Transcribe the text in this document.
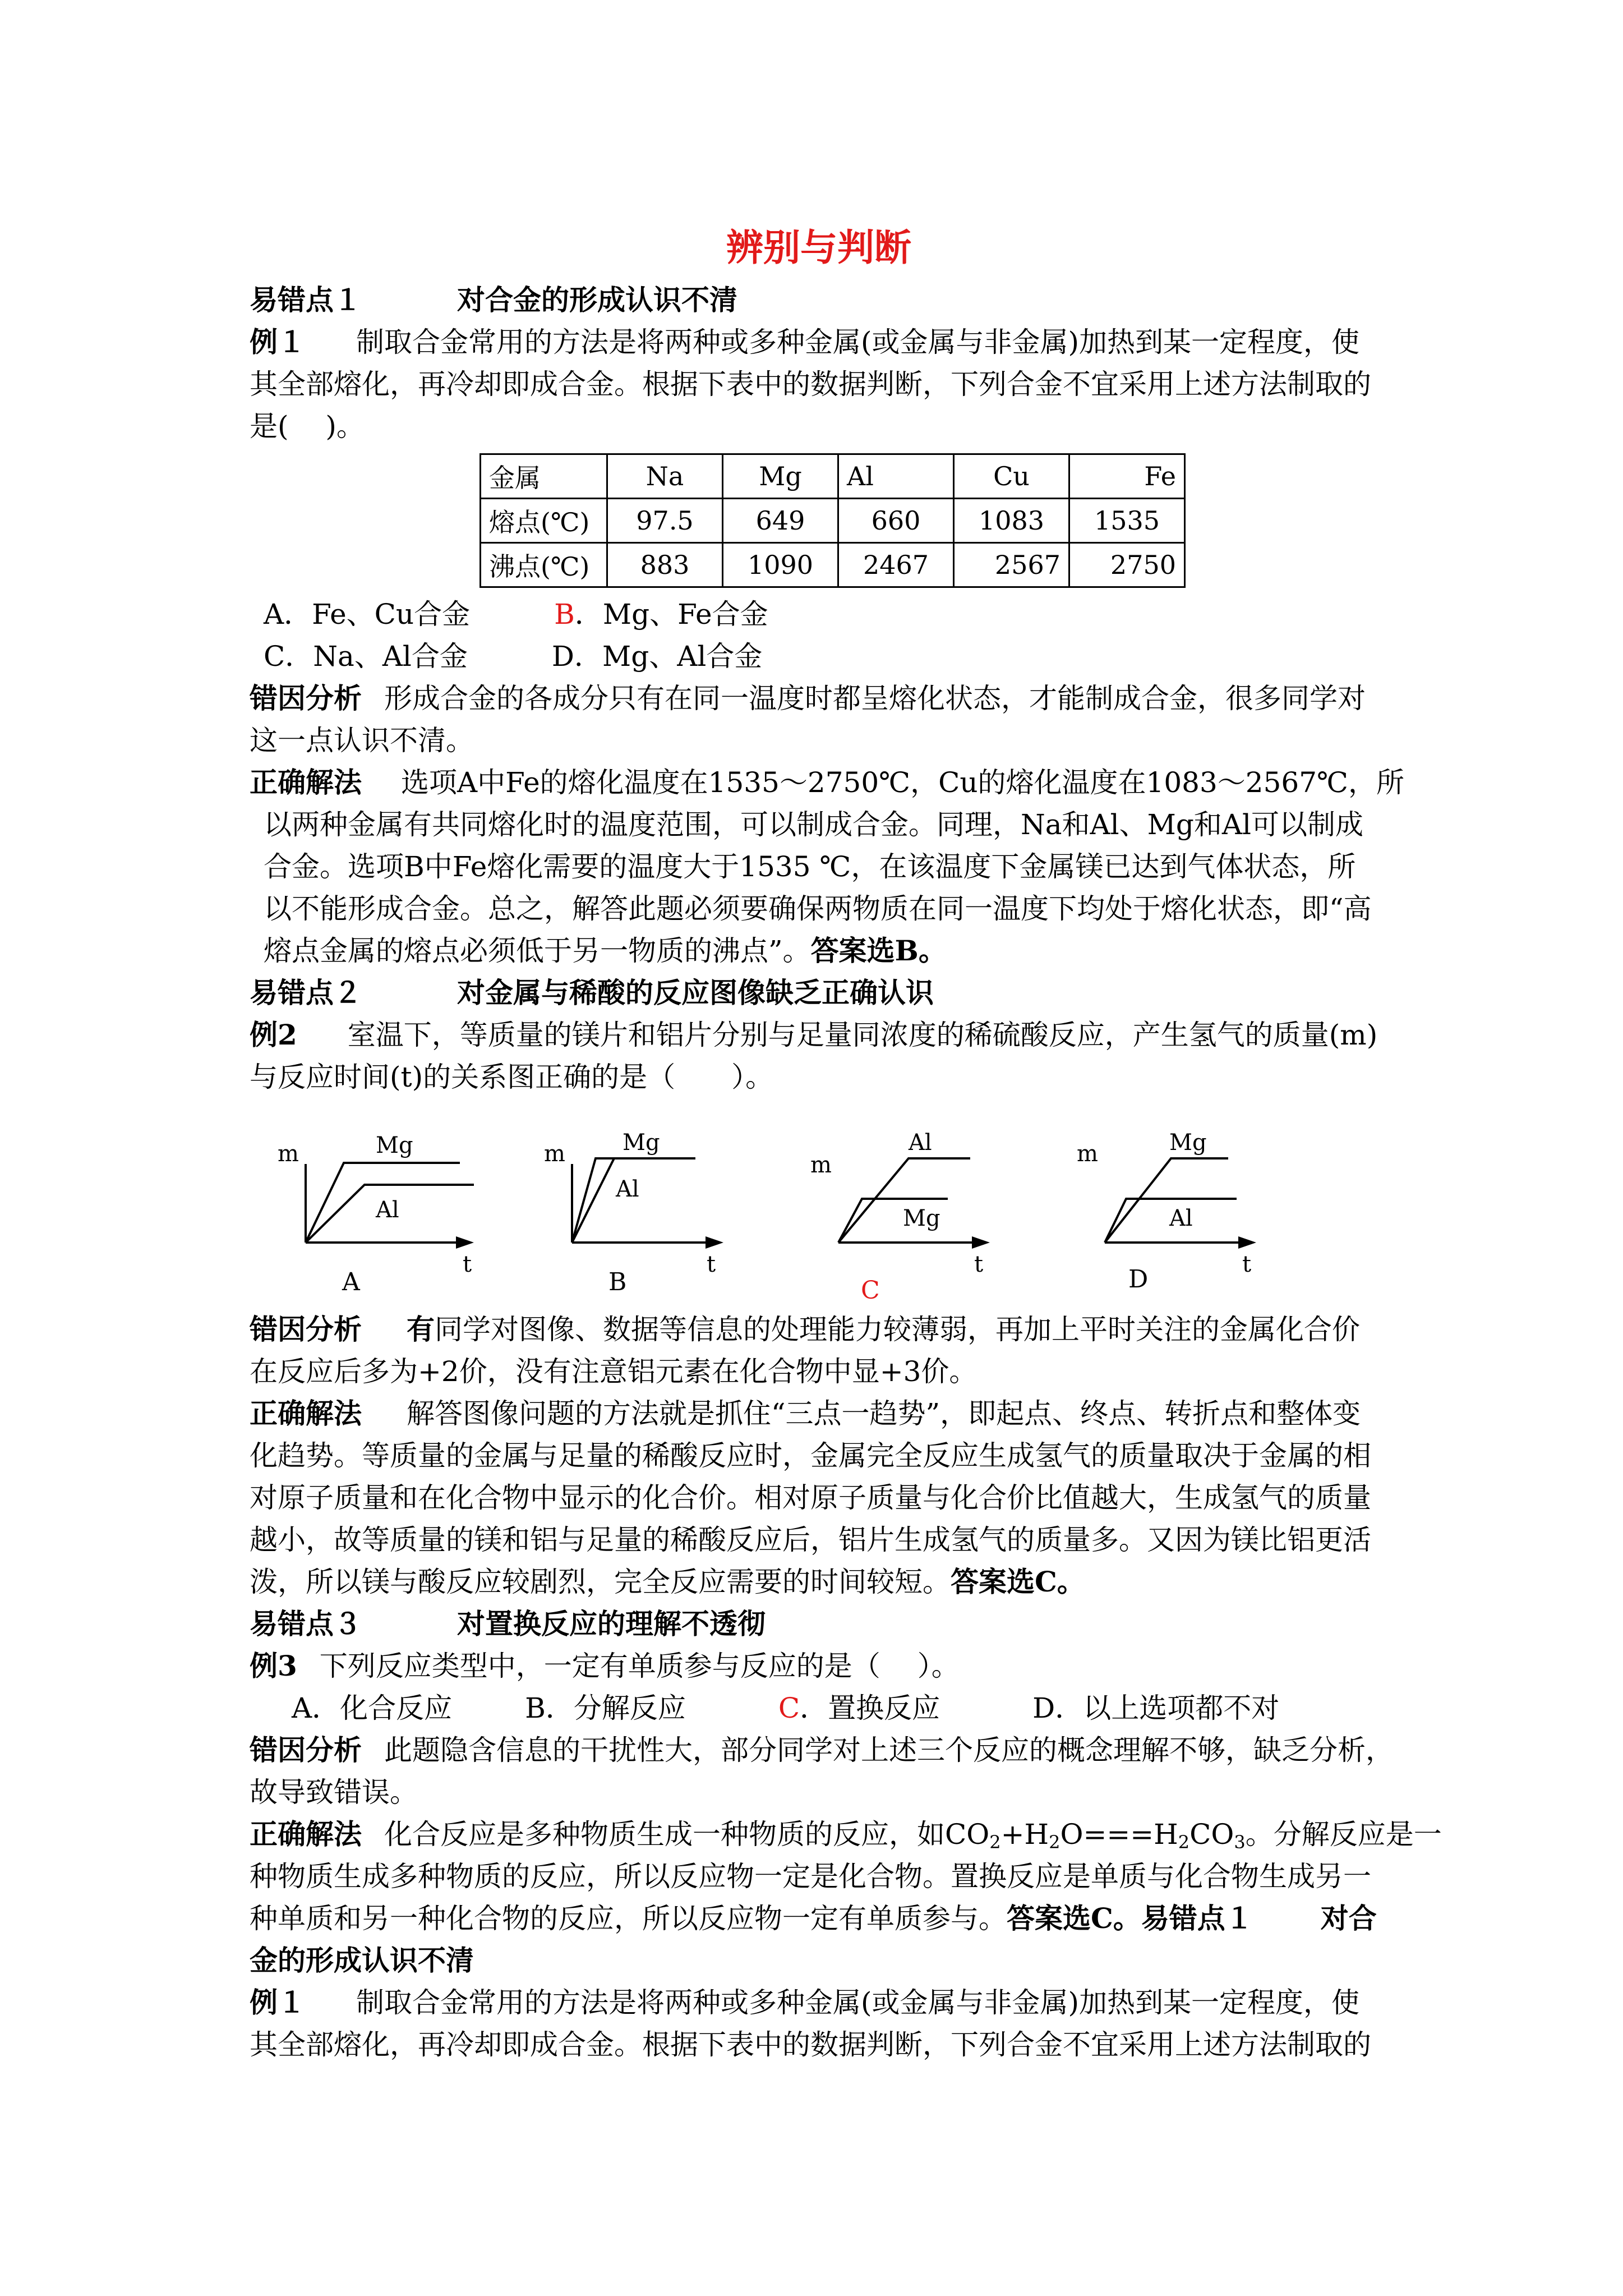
辨别与判断
易错点１	对合金的形成认识不清
例１ 制取合金常用的方法是将两种或多种金属(或金属与非金属)加热到某一定程度，使
其全部熔化，再冷却即成合金。根据下表中的数据判断，下列合金不宜采用上述方法制取的
是(　 )。
金属	Na	Mg	Al	Cu	Fe
熔点(℃)	97.5	649	660	1083	1535
沸点(℃)	883	1090	2467	2567	2750
A．Fe、Cu合金	B．Mg、Fe合金
C．Na、Al合金	D．Mg、Al合金
错因分析 形成合金的各成分只有在同一温度时都呈熔化状态，才能制成合金，很多同学对
这一点认识不清。
正确解法 选项A中Fe的熔化温度在1535～2750℃，Cu的熔化温度在1083～2567℃，所
以两种金属有共同熔化时的温度范围，可以制成合金。同理，Na和Al、Mg和Al可以制成
合金。选项B中Fe熔化需要的温度大于1535 ℃，在该温度下金属镁已达到气体状态，所
以不能形成合金。总之，解答此题必须要确保两物质在同一温度下均处于熔化状态，即“高
熔点金属的熔点必须低于另一物质的沸点”。答案选B。
易错点２	对金属与稀酸的反应图像缺乏正确认识
例2 室温下，等质量的镁片和铝片分别与足量同浓度的稀硫酸反应，产生氢气的质量(m)
与反应时间(t)的关系图正确的是（　　）。
m	Mg
Al
t
A
m	Mg
Al
t
B
m
Al
Mg
t
C
m	Mg
Al
t
D
错因分析 有同学对图像、数据等信息的处理能力较薄弱，再加上平时关注的金属化合价
在反应后多为+2价，没有注意铝元素在化合物中显+3价。
正确解法 解答图像问题的方法就是抓住“三点一趋势”，即起点、终点、转折点和整体变
化趋势。等质量的金属与足量的稀酸反应时，金属完全反应生成氢气的质量取决于金属的相
对原子质量和在化合物中显示的化合价。相对原子质量与化合价比值越大，生成氢气的质量
越小，故等质量的镁和铝与足量的稀酸反应后，铝片生成氢气的质量多。又因为镁比铝更活
泼，所以镁与酸反应较剧烈，完全反应需要的时间较短。答案选C。
易错点３	对置换反应的理解不透彻
例3 下列反应类型中，一定有单质参与反应的是（　 ）。
A．化合反应	B．分解反应	C．置换反应	D．以上选项都不对
错因分析 此题隐含信息的干扰性大，部分同学对上述三个反应的概念理解不够，缺乏分析，
故导致错误。
正确解法 化合反应是多种物质生成一种物质的反应，如$CO_2+H_2O===H_2CO_3$。分解反应是一
种物质生成多种物质的反应，所以反应物一定是化合物。置换反应是单质与化合物生成另一
种单质和另一种化合物的反应，所以反应物一定有单质参与。答案选C。易错点１ 对合
金的形成认识不清
例１ 制取合金常用的方法是将两种或多种金属(或金属与非金属)加热到某一定程度，使
其全部熔化，再冷却即成合金。根据下表中的数据判断，下列合金不宜采用上述方法制取的
